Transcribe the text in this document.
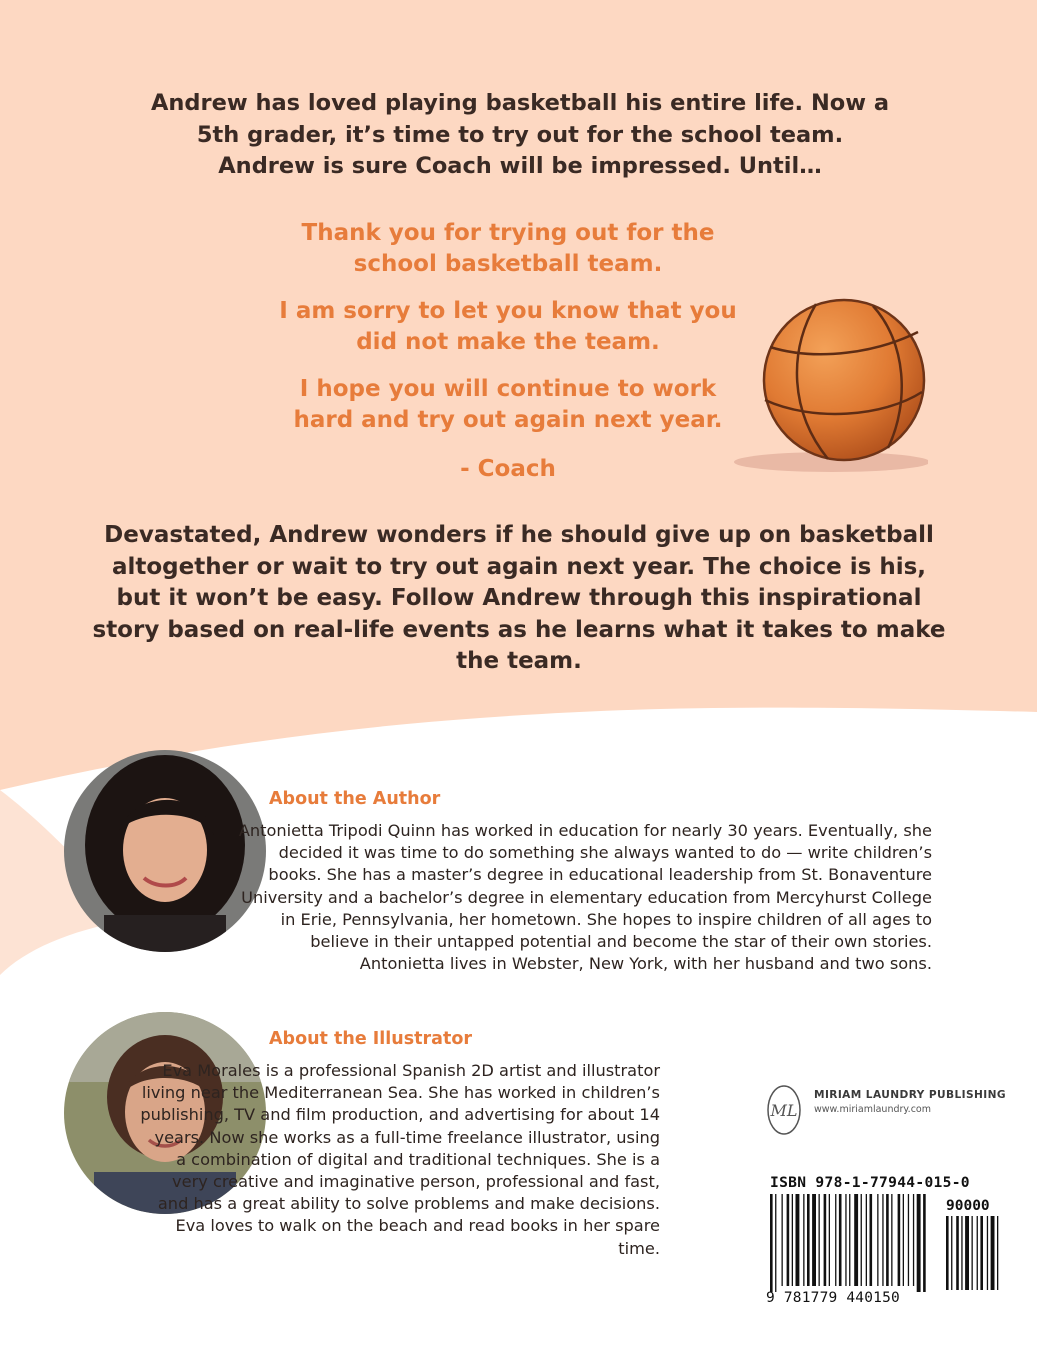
Andrew has loved playing basketball his entire life. Now a 5th grader, it’s time to try out for the school team. Andrew is sure Coach will be impressed. Until…

Thank you for trying out for the school basketball team.

I am sorry to let you know that you did not make the team.

I hope you will continue to work hard and try out again next year.

- Coach

Devastated, Andrew wonders if he should give up on basketball altogether or wait to try out again next year. The choice is his, but it won’t be easy. Follow Andrew through this inspirational story based on real-life events as he learns what it takes to make the team.

About the Author

Antonietta Tripodi Quinn has worked in education for nearly 30 years. Eventually, she decided it was time to do something she always wanted to do — write children’s books. She has a master’s degree in educational leadership from St. Bonaventure University and a bachelor’s degree in elementary education from Mercyhurst College in Erie, Pennsylvania, her hometown. She hopes to inspire children of all ages to believe in their untapped potential and become the star of their own stories. Antonietta lives in Webster, New York, with her husband and two sons.

About the Illustrator

Eva Morales is a professional Spanish 2D artist and illustrator living near the Mediterranean Sea. She has worked in children’s publishing, TV and film production, and advertising for about 14 years. Now she works as a full-time freelance illustrator, using a combination of digital and traditional techniques. She is a very creative and imaginative person, professional and fast, and has a great ability to solve problems and make decisions. Eva loves to walk on the beach and read books in her spare time.

ML
MIRIAM LAUNDRY PUBLISHING
www.miriamlaundry.com
ISBN 978-1-77944-015-0
90000
9 781779 440150
